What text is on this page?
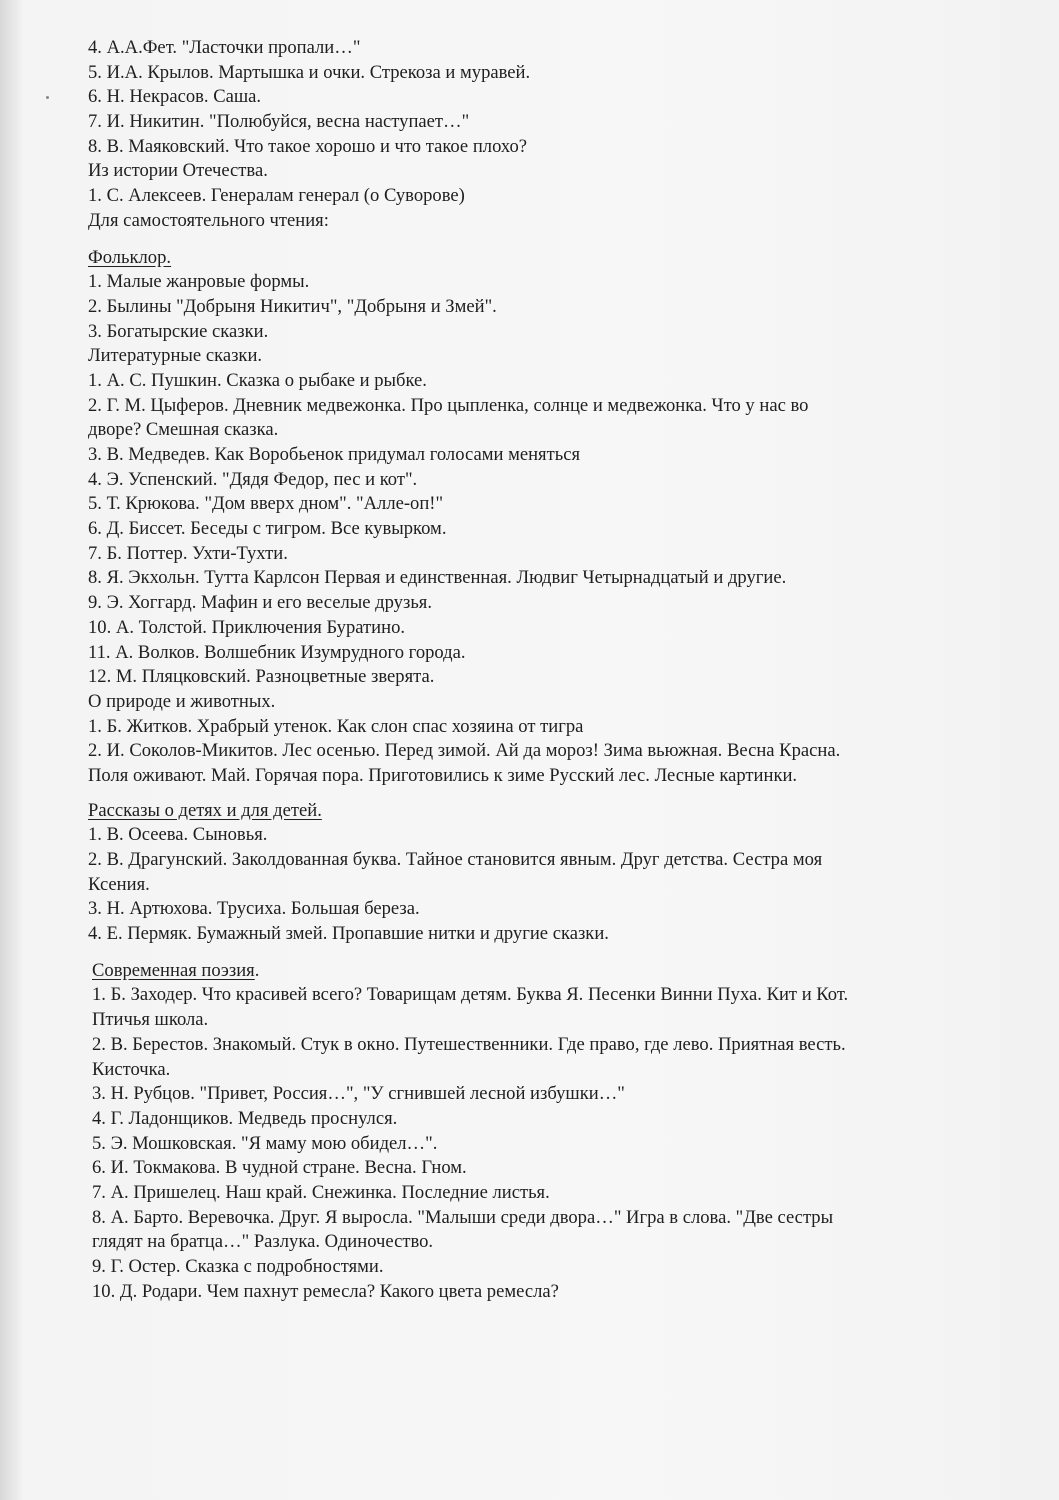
4. А.А.Фет. "Ласточки пропали…"
5. И.А. Крылов. Мартышка и очки. Стрекоза и муравей.
6. Н. Некрасов. Саша.
7. И. Никитин. "Полюбуйся, весна наступает…"
8. В. Маяковский. Что такое хорошо и что такое плохо?
Из истории Отечества.
1. С. Алексеев. Генералам генерал (о Суворове)
Для самостоятельного чтения:
Фольклор.
1. Малые жанровые формы.
2. Былины "Добрыня Никитич", "Добрыня и Змей".
3. Богатырские сказки.
Литературные сказки.
1. А. С. Пушкин. Сказка о рыбаке и рыбке.
2. Г. М. Цыферов. Дневник медвежонка. Про цыпленка, солнце и медвежонка. Что у нас во
дворе? Смешная сказка.
3. В. Медведев. Как Воробьенок придумал голосами меняться
4. Э. Успенский. "Дядя Федор, пес и кот".
5. Т. Крюкова. "Дом вверх дном". "Алле-оп!"
6. Д. Биссет. Беседы с тигром. Все кувырком.
7. Б. Поттер. Ухти-Тухти.
8. Я. Экхольн. Тутта Карлсон Первая и единственная. Людвиг Четырнадцатый и другие.
9. Э. Хоггард. Мафин и его веселые друзья.
10. А. Толстой. Приключения Буратино.
11. А. Волков. Волшебник Изумрудного города.
12. М. Пляцковский. Разноцветные зверята.
О природе и животных.
1. Б. Житков. Храбрый утенок. Как слон спас хозяина от тигра
2. И. Соколов-Микитов. Лес осенью. Перед зимой. Ай да мороз! Зима вьюжная. Весна Красна.
Поля оживают. Май. Горячая пора. Приготовились к зиме Русский лес. Лесные картинки.
Рассказы о детях и для детей.
1. В. Осеева. Сыновья.
2. В. Драгунский. Заколдованная буква. Тайное становится явным. Друг детства. Сестра моя
Ксения.
3. Н. Артюхова. Трусиха. Большая береза.
4. Е. Пермяк. Бумажный змей. Пропавшие нитки и другие сказки.
Современная поэзия.
1. Б. Заходер. Что красивей всего? Товарищам детям. Буква Я. Песенки Винни Пуха. Кит и Кот.
Птичья школа.
2. В. Берестов. Знакомый. Стук в окно. Путешественники. Где право, где лево. Приятная весть.
Кисточка.
3. Н. Рубцов. "Привет, Россия…", "У сгнившей лесной избушки…"
4. Г. Ладонщиков. Медведь проснулся.
5. Э. Мошковская. "Я маму мою обидел…".
6. И. Токмакова. В чудной стране. Весна. Гном.
7. А. Пришелец. Наш край. Снежинка. Последние листья.
8. А. Барто. Веревочка. Друг. Я выросла. "Малыши среди двора…" Игра в слова. "Две сестры
глядят на братца…" Разлука. Одиночество.
9. Г. Остер. Сказка с подробностями.
10. Д. Родари. Чем пахнут ремесла? Какого цвета ремесла?
